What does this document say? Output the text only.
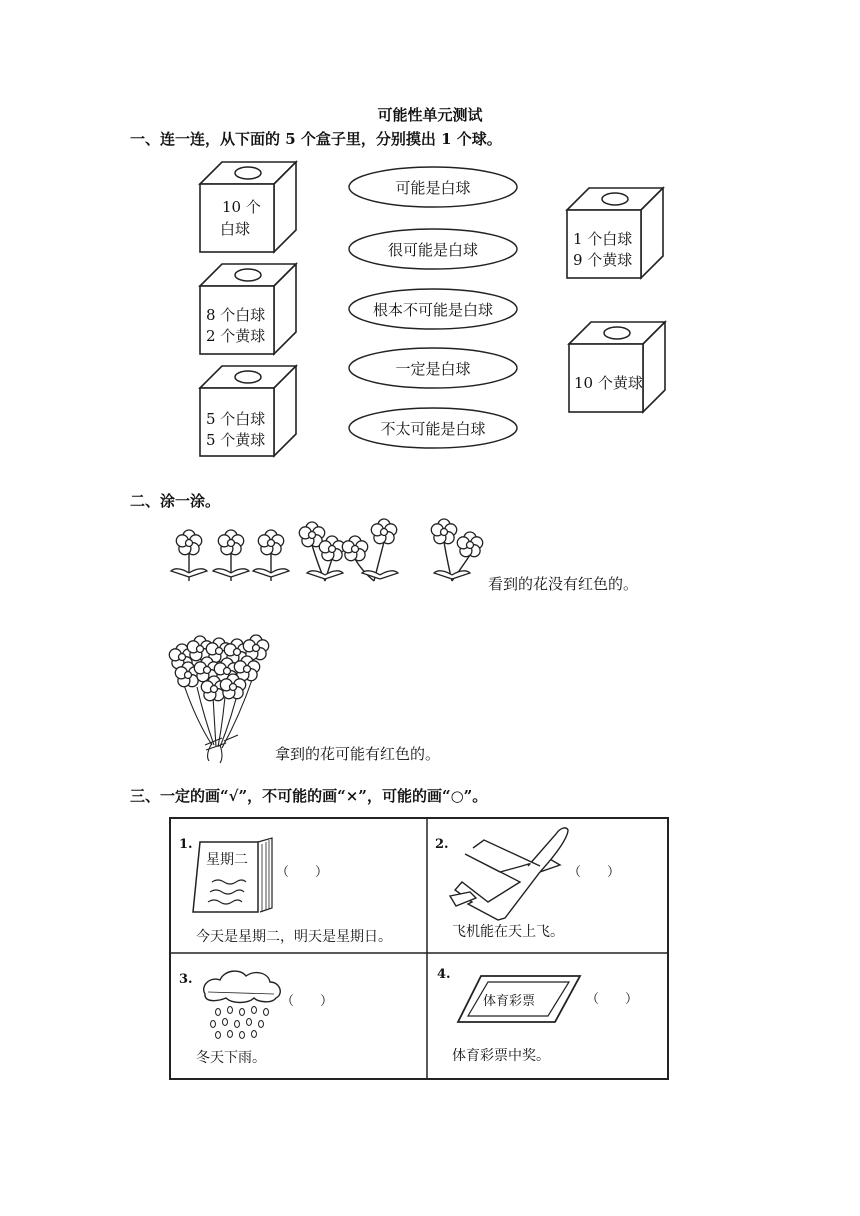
可能性单元测试
一、连一连，从下面的 5 个盒子里，分别摸出 1 个球。
10 个
白球
8 个白球
2 个黄球
5 个白球
5 个黄球
1 个白球
9 个黄球
10 个黄球
可能是白球
很可能是白球
根本不可能是白球
一定是白球
不太可能是白球
二、涂一涂。
看到的花没有红色的。
拿到的花可能有红色的。
三、一定的画“√”，不可能的画“×”，可能的画“○”。
1.
星期二
（　　）
今天是星期二，明天是星期日。
2.
（　　）
飞机能在天上飞。
3.
（　　）
冬天下雨。
4.
体育彩票	（　　）
体育彩票中奖。
